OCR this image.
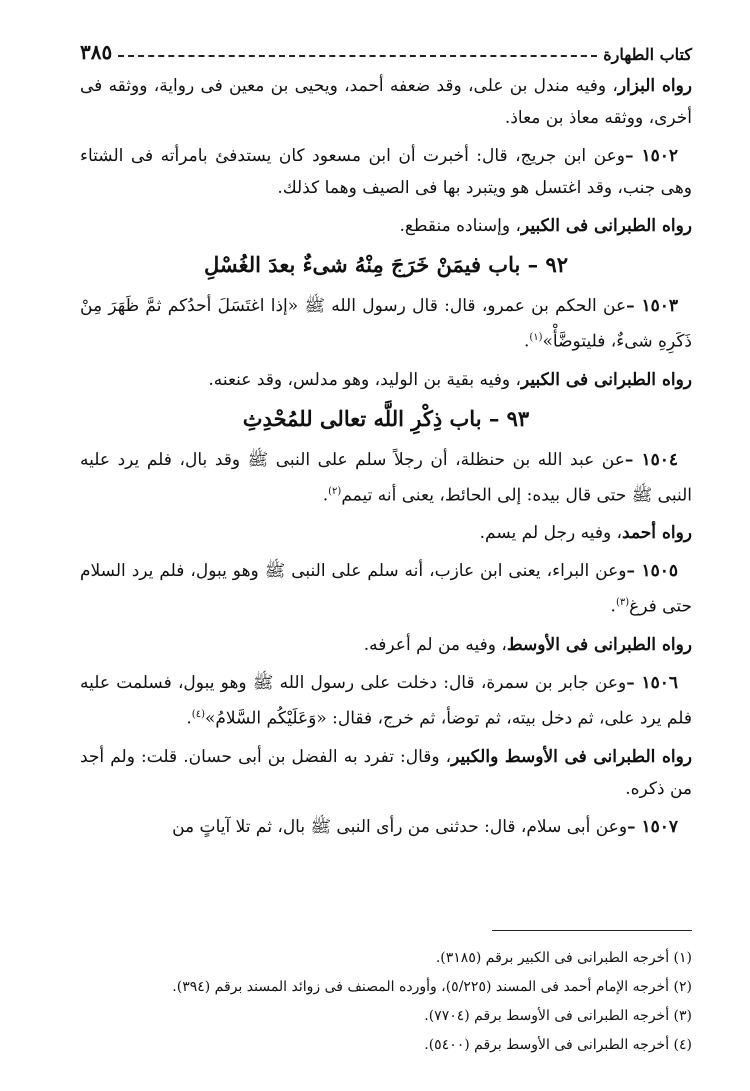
كتاب الطهارة
٣٨٥

رواه البزار، وفيه مندل بن على، وقد ضعفه أحمد، ويحيى بن معين فى رواية، ووثقه فى أخرى، ووثقه معاذ بن معاذ.

١٥٠٢ –وعن ابن جريج، قال: أخبرت أن ابن مسعود كان يستدفئ بامرأته فى الشتاء وهى جنب، وقد اغتسل هو ويتبرد بها فى الصيف وهما كذلك.

رواه الطبرانى فى الكبير، وإسناده منقطع.

٩٢ – باب فيمَنْ خَرَجَ مِنْهُ شىءٌ بعدَ الغُسْلِ

١٥٠٣ –عن الحكم بن عمرو، قال: قال رسول الله ﷺ «إذا اغتَسَلَ أحدُكم ثمَّ ظَهَرَ مِنْ ذَكَرِهِ شىءٌ، فليتوضَّأْ»$^{(١)}$.

رواه الطبرانى فى الكبير، وفيه بقية بن الوليد، وهو مدلس، وقد عنعنه.

٩٣ – باب ذِكْرِ اللَّه تعالى للمُحْدِثِ

١٥٠٤ –عن عبد الله بن حنظلة، أن رجلاً سلم على النبى ﷺ وقد بال، فلم يرد عليه النبى ﷺ حتى قال بيده: إلى الحائط، يعنى أنه تيمم$^{(٢)}$.

رواه أحمد، وفيه رجل لم يسم.

١٥٠٥ –وعن البراء، يعنى ابن عازب، أنه سلم على النبى ﷺ وهو يبول، فلم يرد السلام حتى فرغ$^{(٣)}$.

رواه الطبرانى فى الأوسط، وفيه من لم أعرفه.

١٥٠٦ –وعن جابر بن سمرة، قال: دخلت على رسول الله ﷺ وهو يبول، فسلمت عليه فلم يرد على، ثم دخل بيته، ثم توضأ، ثم خرج، فقال: «وَعَلَيْكُم السَّلامُ»$^{(٤)}$.

رواه الطبرانى فى الأوسط والكبير، وقال: تفرد به الفضل بن أبى حسان. قلت: ولم أجد من ذكره.

١٥٠٧ –وعن أبى سلام، قال: حدثنى من رأى النبى ﷺ بال، ثم تلا آياتٍ من

(١) أخرجه الطبرانى فى الكبير برقم (٣١٨٥).

(٢) أخرجه الإمام أحمد فى المسند (٥/٢٢٥)، وأورده المصنف فى زوائد المسند برقم (٣٩٤).

(٣) أخرجه الطبرانى فى الأوسط برقم (٧٧٠٤).

(٤) أخرجه الطبرانى فى الأوسط برقم (٥٤٠٠).
